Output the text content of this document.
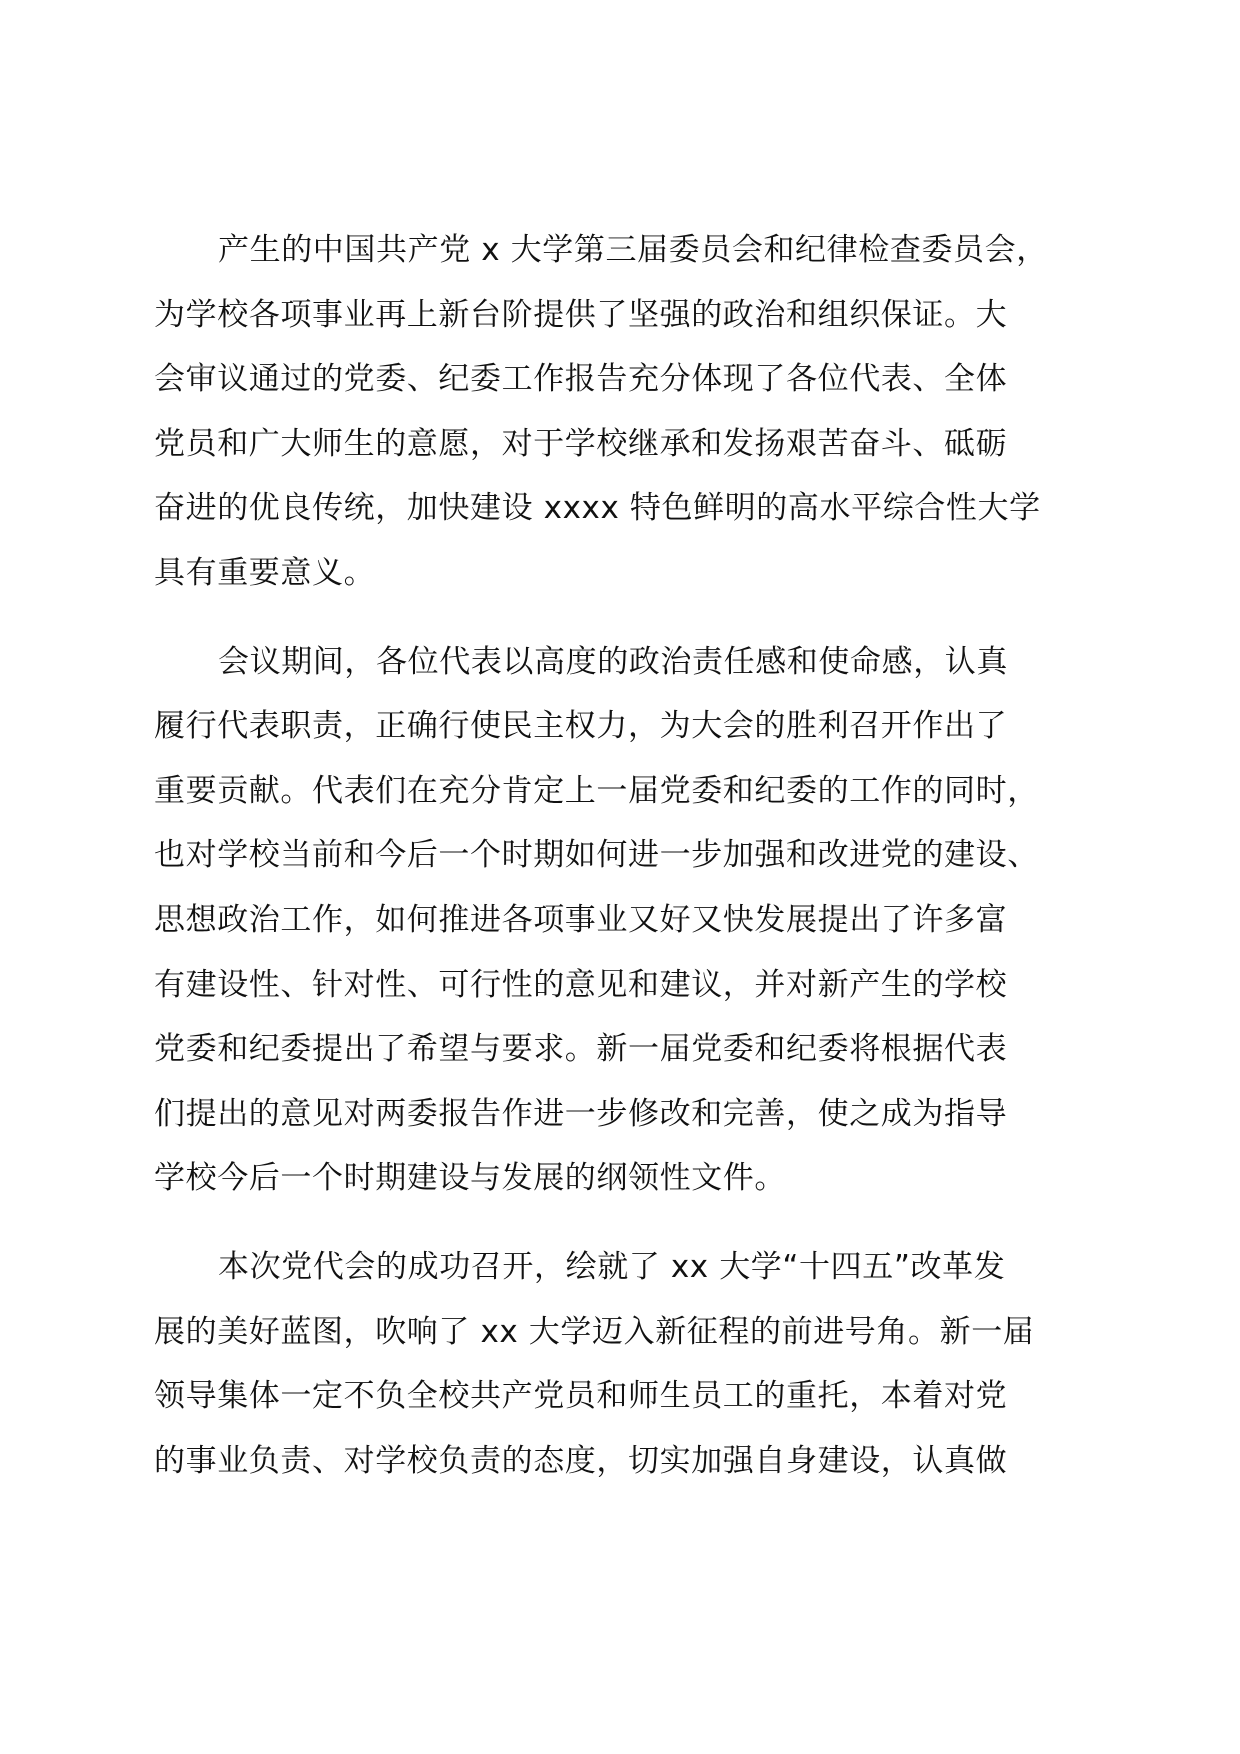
产生的中国共产党 x 大学第三届委员会和纪律检查委员会，
为学校各项事业再上新台阶提供了坚强的政治和组织保证。大
会审议通过的党委、纪委工作报告充分体现了各位代表、全体
党员和广大师生的意愿，对于学校继承和发扬艰苦奋斗、砥砺
奋进的优良传统，加快建设 xxxx 特色鲜明的高水平综合性大学
具有重要意义。
会议期间，各位代表以高度的政治责任感和使命感，认真
履行代表职责，正确行使民主权力，为大会的胜利召开作出了
重要贡献。代表们在充分肯定上一届党委和纪委的工作的同时，
也对学校当前和今后一个时期如何进一步加强和改进党的建设、
思想政治工作，如何推进各项事业又好又快发展提出了许多富
有建设性、针对性、可行性的意见和建议，并对新产生的学校
党委和纪委提出了希望与要求。新一届党委和纪委将根据代表
们提出的意见对两委报告作进一步修改和完善，使之成为指导
学校今后一个时期建设与发展的纲领性文件。
本次党代会的成功召开，绘就了 xx 大学“十四五”改革发
展的美好蓝图，吹响了 xx 大学迈入新征程的前进号角。新一届
领导集体一定不负全校共产党员和师生员工的重托，本着对党
的事业负责、对学校负责的态度，切实加强自身建设，认真做
